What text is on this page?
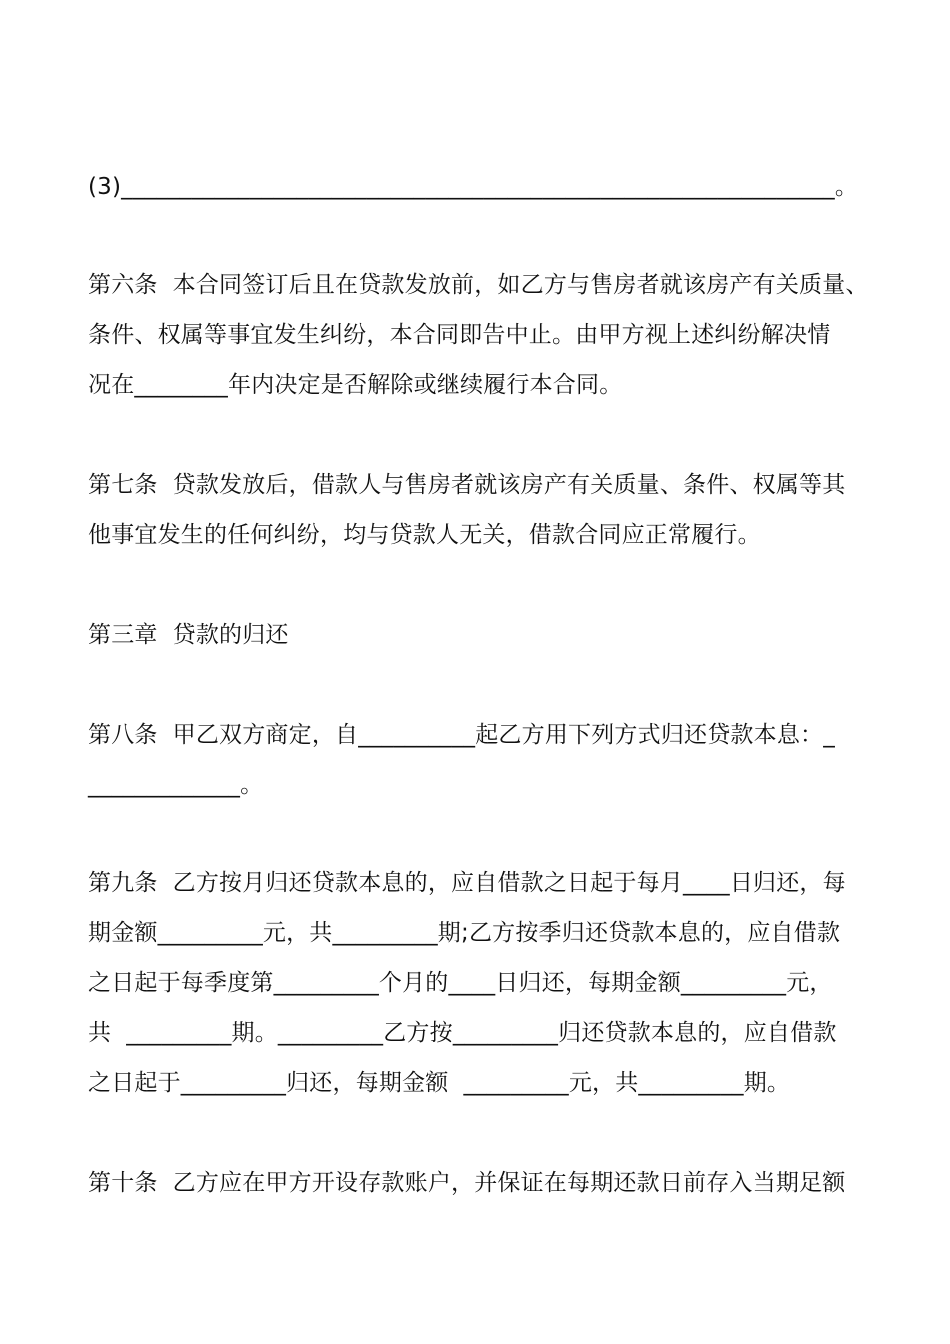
(3)_____________________________________________________________。
第六条  本合同签订后且在贷款发放前，如乙方与售房者就该房产有关质量、
条件、权属等事宜发生纠纷，本合同即告中止。由甲方视上述纠纷解决情
况在________年内决定是否解除或继续履行本合同。
第七条  贷款发放后，借款人与售房者就该房产有关质量、条件、权属等其
他事宜发生的任何纠纷，均与贷款人无关，借款合同应正常履行。
第三章  贷款的归还
第八条  甲乙双方商定，自__________起乙方用下列方式归还贷款本息：_
_____________。
第九条  乙方按月归还贷款本息的，应自借款之日起于每月____日归还，每
期金额_________元，共_________期;乙方按季归还贷款本息的，应自借款
之日起于每季度第_________个月的____日归还，每期金额_________元，
共  _________期。_________乙方按_________归还贷款本息的，应自借款
之日起于_________归还，每期金额  _________元，共_________期。
第十条  乙方应在甲方开设存款账户，并保证在每期还款日前存入当期足额
